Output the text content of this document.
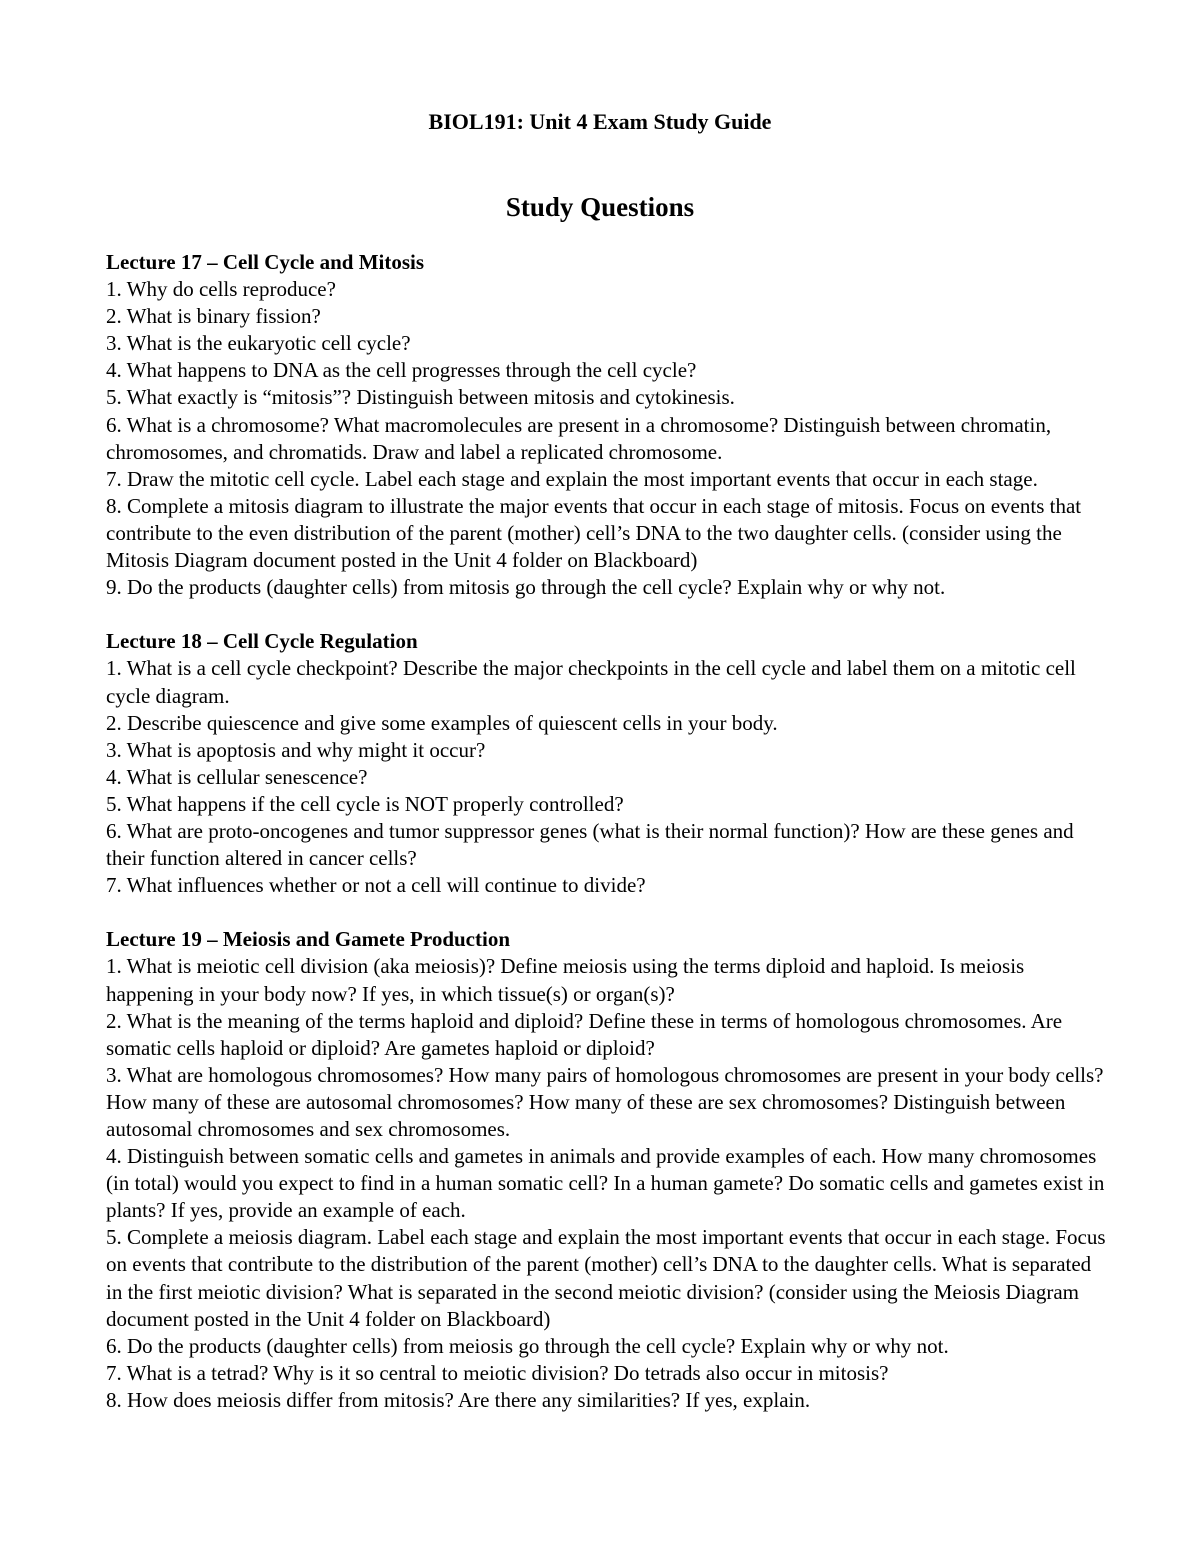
BIOL191: Unit 4 Exam Study Guide
Study Questions
Lecture 17 – Cell Cycle and Mitosis

1. Why do cells reproduce?

2. What is binary fission?

3. What is the eukaryotic cell cycle?

4. What happens to DNA as the cell progresses through the cell cycle?

5. What exactly is “mitosis”? Distinguish between mitosis and cytokinesis.

6. What is a chromosome? What macromolecules are present in a chromosome? Distinguish between chromatin, chromosomes, and chromatids. Draw and label a replicated chromosome.

7. Draw the mitotic cell cycle. Label each stage and explain the most important events that occur in each stage.

8. Complete a mitosis diagram to illustrate the major events that occur in each stage of mitosis. Focus on events that contribute to the even distribution of the parent (mother) cell’s DNA to the two daughter cells. (consider using the Mitosis Diagram document posted in the Unit 4 folder on Blackboard)

9. Do the products (daughter cells) from mitosis go through the cell cycle? Explain why or why not.

Lecture 18 – Cell Cycle Regulation

1. What is a cell cycle checkpoint? Describe the major checkpoints in the cell cycle and label them on a mitotic cell cycle diagram.

2. Describe quiescence and give some examples of quiescent cells in your body.

3. What is apoptosis and why might it occur?

4. What is cellular senescence?

5. What happens if the cell cycle is NOT properly controlled?

6. What are proto-oncogenes and tumor suppressor genes (what is their normal function)? How are these genes and their function altered in cancer cells?

7. What influences whether or not a cell will continue to divide?

Lecture 19 – Meiosis and Gamete Production

1. What is meiotic cell division (aka meiosis)? Define meiosis using the terms diploid and haploid. Is meiosis happening in your body now? If yes, in which tissue(s) or organ(s)?

2. What is the meaning of the terms haploid and diploid? Define these in terms of homologous chromosomes. Are somatic cells haploid or diploid? Are gametes haploid or diploid?

3. What are homologous chromosomes? How many pairs of homologous chromosomes are present in your body cells? How many of these are autosomal chromosomes? How many of these are sex chromosomes? Distinguish between autosomal chromosomes and sex chromosomes.

4. Distinguish between somatic cells and gametes in animals and provide examples of each. How many chromosomes (in total) would you expect to find in a human somatic cell? In a human gamete? Do somatic cells and gametes exist in plants? If yes, provide an example of each.

5. Complete a meiosis diagram. Label each stage and explain the most important events that occur in each stage. Focus on events that contribute to the distribution of the parent (mother) cell’s DNA to the daughter cells. What is separated in the first meiotic division? What is separated in the second meiotic division? (consider using the Meiosis Diagram document posted in the Unit 4 folder on Blackboard)

6. Do the products (daughter cells) from meiosis go through the cell cycle? Explain why or why not.

7. What is a tetrad? Why is it so central to meiotic division? Do tetrads also occur in mitosis?

8. How does meiosis differ from mitosis? Are there any similarities? If yes, explain.
